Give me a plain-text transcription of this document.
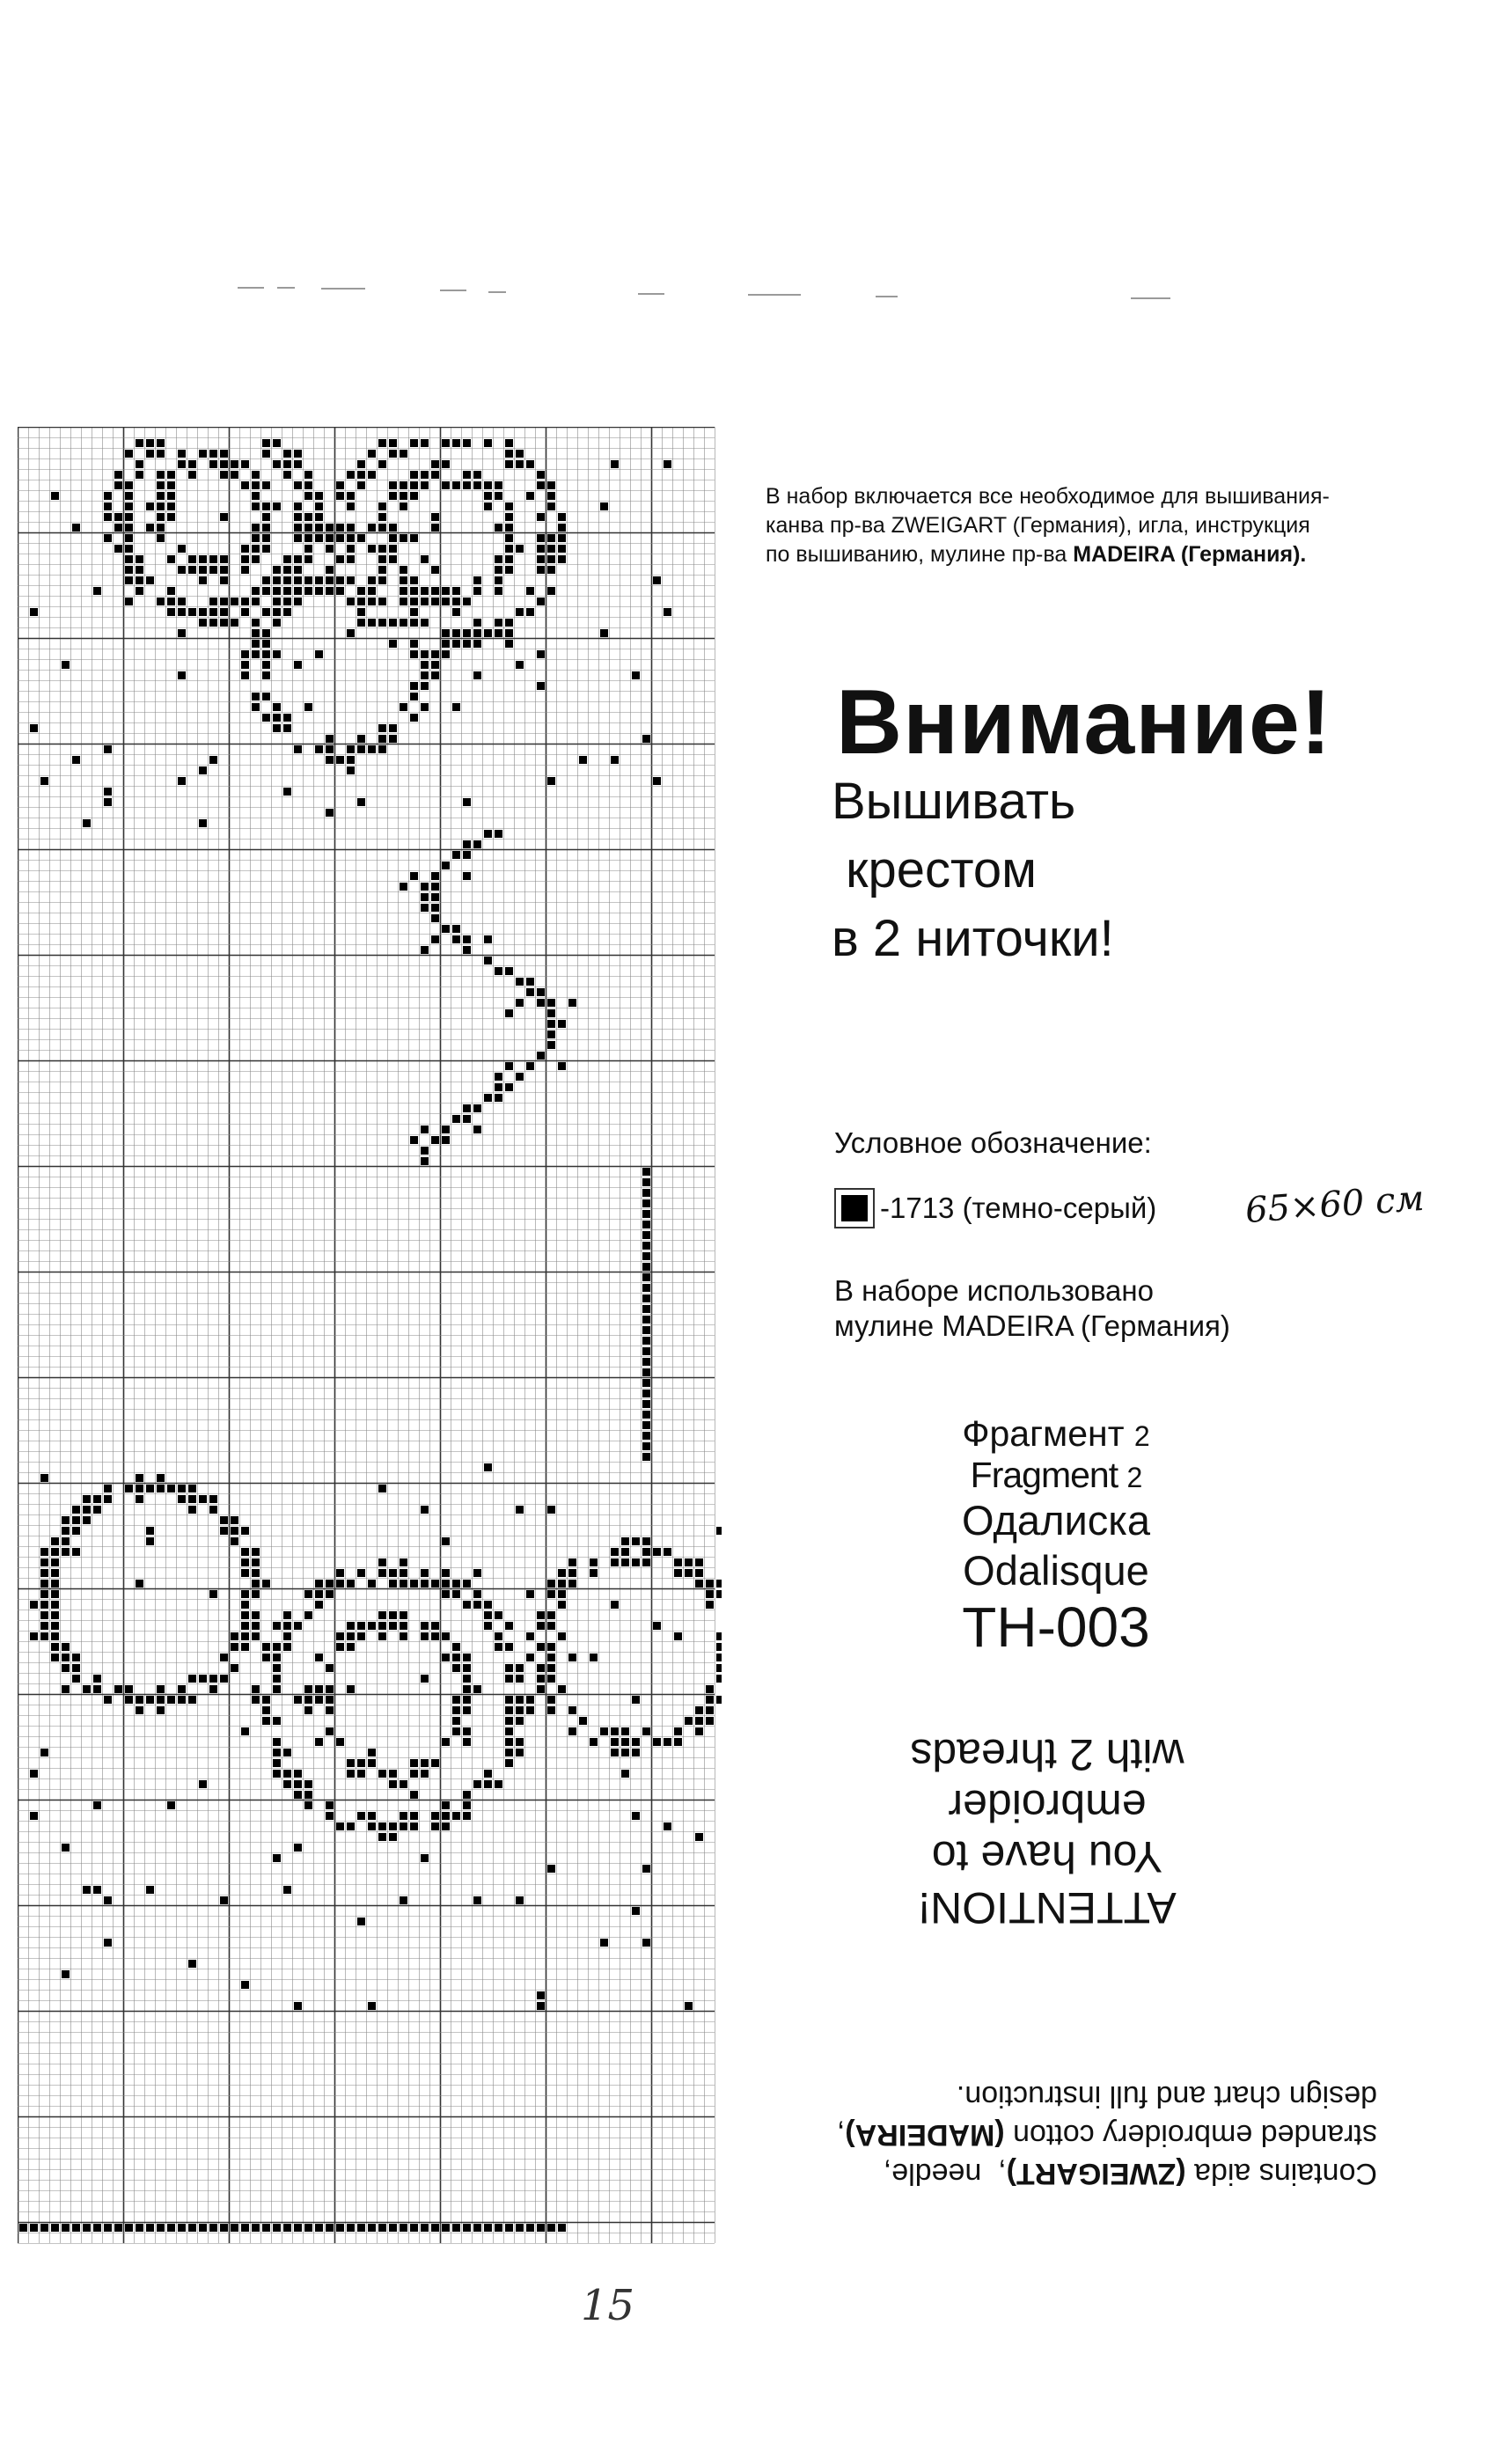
В набор включается все необходимое для вышивания-
канва пр-ва ZWEIGART (Германия), игла, инструкция
по вышиванию, мулине пр-ва MADEIRA (Германия).
Внимание!
Вышивать
крестом
в 2 ниточки!
Условное обозначение:
-1713 (темно-серый) 65×60 см
В наборе использовано
мулине MADEIRA (Германия)
Фрагмент 2
Fragment 2
Одалиска
Odalisque
TH-003
ATTENTION!
You have to
embroider
with 2 threads
Contains aida (ZWEIGART),  needle,
stranded embroidery cotton (MADEIRA),
design chart and full instruction.
15
